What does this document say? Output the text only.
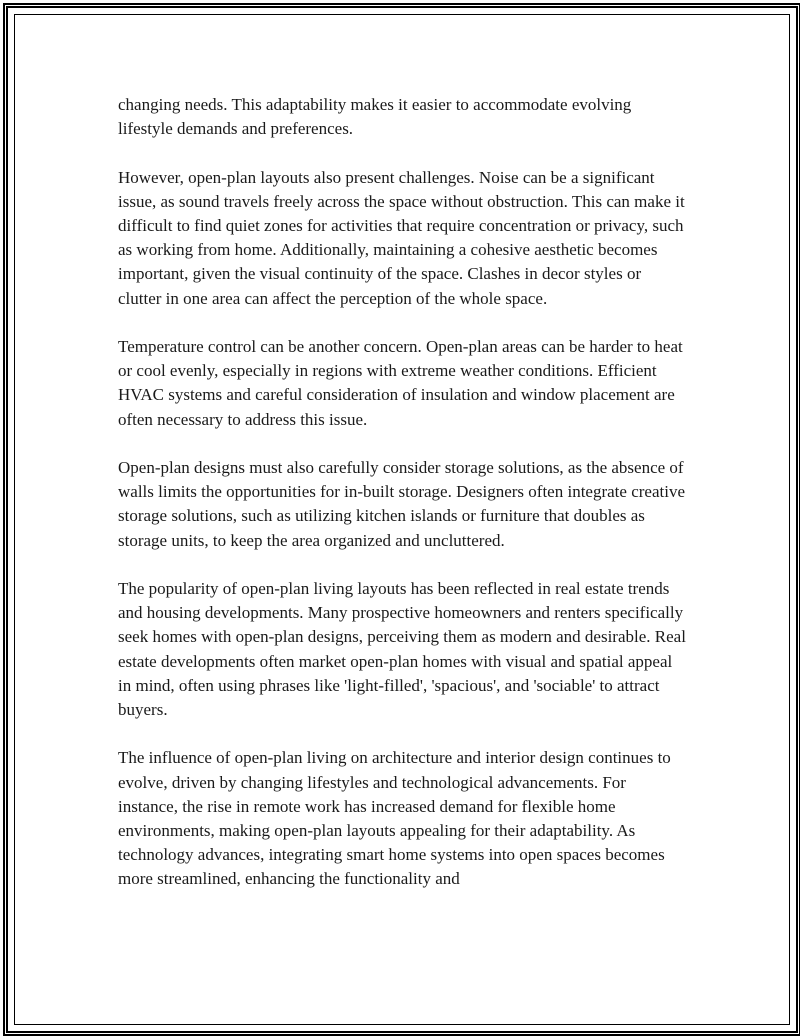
changing needs. This adaptability makes it easier to accommodate evolving lifestyle demands and preferences.

However, open-plan layouts also present challenges. Noise can be a significant issue, as sound travels freely across the space without obstruction. This can make it difficult to find quiet zones for activities that require concentration or privacy, such as working from home. Additionally, maintaining a cohesive aesthetic becomes important, given the visual continuity of the space. Clashes in decor styles or clutter in one area can affect the perception of the whole space.

Temperature control can be another concern. Open-plan areas can be harder to heat or cool evenly, especially in regions with extreme weather conditions. Efficient HVAC systems and careful consideration of insulation and window placement are often necessary to address this issue.

Open-plan designs must also carefully consider storage solutions, as the absence of walls limits the opportunities for in-built storage. Designers often integrate creative storage solutions, such as utilizing kitchen islands or furniture that doubles as storage units, to keep the area organized and uncluttered.

The popularity of open-plan living layouts has been reflected in real estate trends and housing developments. Many prospective homeowners and renters specifically seek homes with open-plan designs, perceiving them as modern and desirable. Real estate developments often market open-plan homes with visual and spatial appeal in mind, often using phrases like 'light-filled', 'spacious', and 'sociable' to attract buyers.

The influence of open-plan living on architecture and interior design continues to evolve, driven by changing lifestyles and technological advancements. For instance, the rise in remote work has increased demand for flexible home environments, making open-plan layouts appealing for their adaptability. As technology advances, integrating smart home systems into open spaces becomes more streamlined, enhancing the functionality and
